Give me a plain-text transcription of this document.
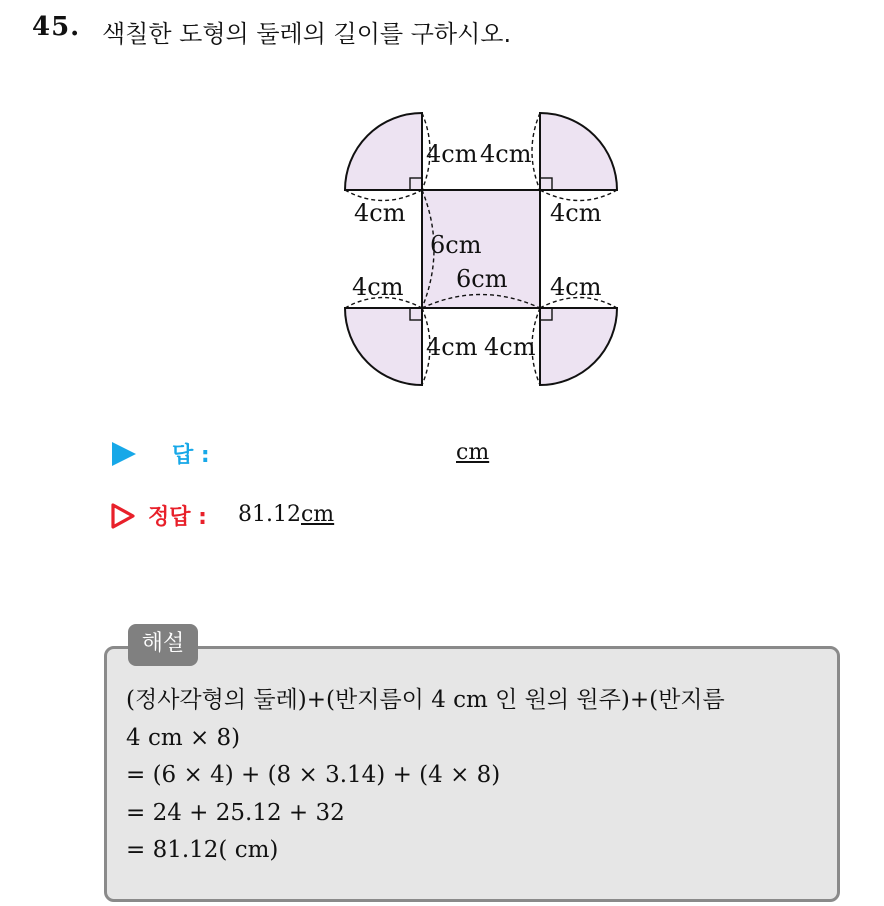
45. 색칠한 도형의 둘레의 길이를 구하시오.
4cm 4cm
4cm	4cm
6cm
6cm
4cm	4cm
4cm 4cm
답 :	cm
정답 : 81.12cm
해설
(정사각형의 둘레)+(반지름이 4 cm 인 원의 원주)+(반지름
4 cm × 8)
= (6 × 4) + (8 × 3.14) + (4 × 8)
= 24 + 25.12 + 32
= 81.12( cm)
